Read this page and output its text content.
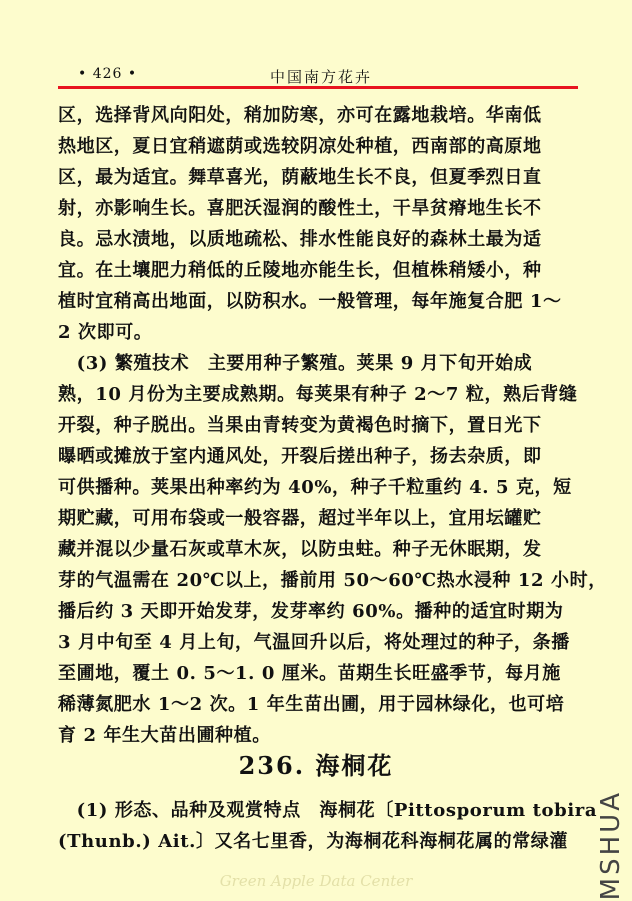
• 426 •	中国南方花卉
区，选择背风向阳处，稍加防寒，亦可在露地栽培。华南低
热地区，夏日宜稍遮荫或选较阴凉处种植，西南部的高原地
区，最为适宜。舞草喜光，荫蔽地生长不良，但夏季烈日直
射，亦影响生长。喜肥沃湿润的酸性土，干旱贫瘠地生长不
良。忌水渍地，以质地疏松、排水性能良好的森林土最为适
宜。在土壤肥力稍低的丘陵地亦能生长，但植株稍矮小，种
植时宜稍高出地面，以防积水。一般管理，每年施复合肥 1～
2 次即可。
　(3) 繁殖技术　主要用种子繁殖。荚果 9 月下旬开始成
熟，10 月份为主要成熟期。每荚果有种子 2～7 粒，熟后背缝
开裂，种子脱出。当果由青转变为黄褐色时摘下，置日光下
曝晒或摊放于室内通风处，开裂后搓出种子，扬去杂质，即
可供播种。荚果出种率约为 40%，种子千粒重约 4. 5 克，短
期贮藏，可用布袋或一般容器，超过半年以上，宜用坛罐贮
藏并混以少量石灰或草木灰，以防虫蛀。种子无休眠期，发
芽的气温需在 20℃以上，播前用 50～60℃热水浸种 12 小时，
播后约 3 天即开始发芽，发芽率约 60%。播种的适宜时期为
3 月中旬至 4 月上旬，气温回升以后，将处理过的种子，条播
至圃地，覆土 0. 5～1. 0 厘米。苗期生长旺盛季节，每月施
稀薄氮肥水 1～2 次。1 年生苗出圃，用于园林绿化，也可培
育 2 年生大苗出圃种植。
236. 海桐花
　(1) 形态、品种及观赏特点　海桐花〔Pittosporum tobira
(Thunb.) Ait.〕又名七里香，为海桐花科海桐花属的常绿灌	MSHUA
Green Apple Data Center
